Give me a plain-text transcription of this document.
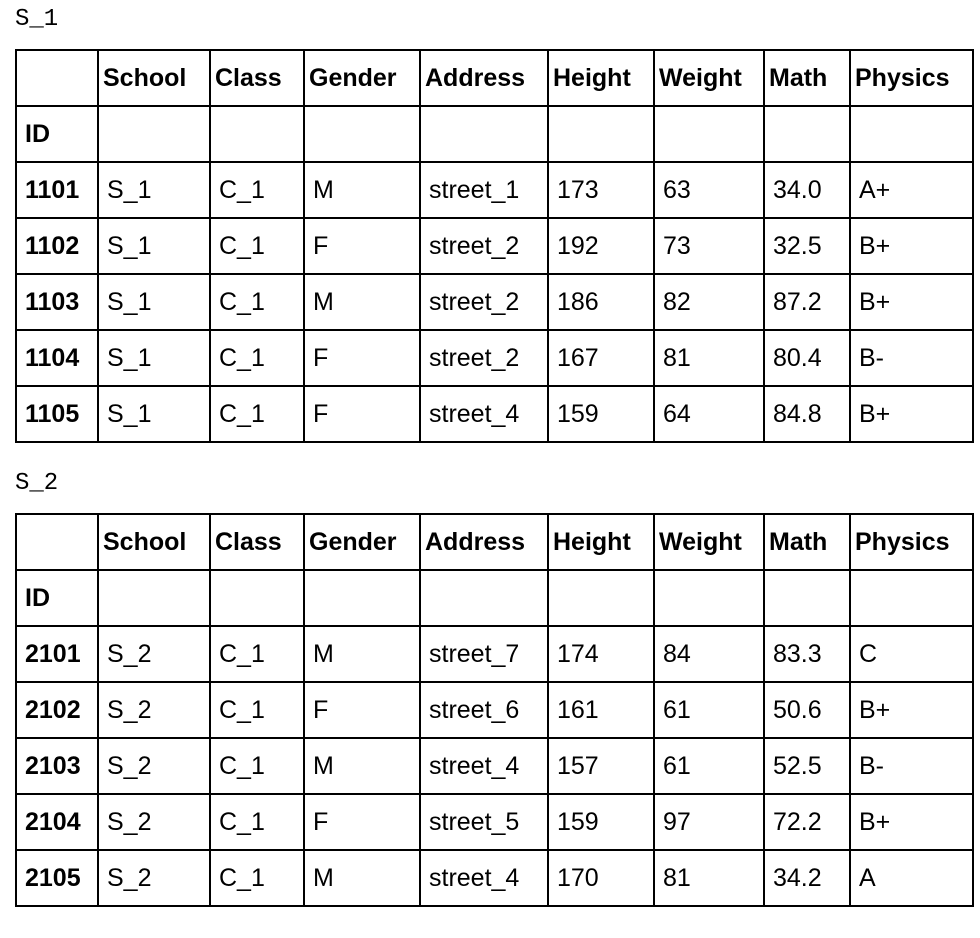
S_1
	School	Class	Gender	Address	Height	Weight	Math	Physics
ID								
1101	S_1	C_1	M	street_1	173	63	34.0	A+
1102	S_1	C_1	F	street_2	192	73	32.5	B+
1103	S_1	C_1	M	street_2	186	82	87.2	B+
1104	S_1	C_1	F	street_2	167	81	80.4	B-
1105	S_1	C_1	F	street_4	159	64	84.8	B+
S_2
	School	Class	Gender	Address	Height	Weight	Math	Physics
ID								
2101	S_2	C_1	M	street_7	174	84	83.3	C
2102	S_2	C_1	F	street_6	161	61	50.6	B+
2103	S_2	C_1	M	street_4	157	61	52.5	B-
2104	S_2	C_1	F	street_5	159	97	72.2	B+
2105	S_2	C_1	M	street_4	170	81	34.2	A
